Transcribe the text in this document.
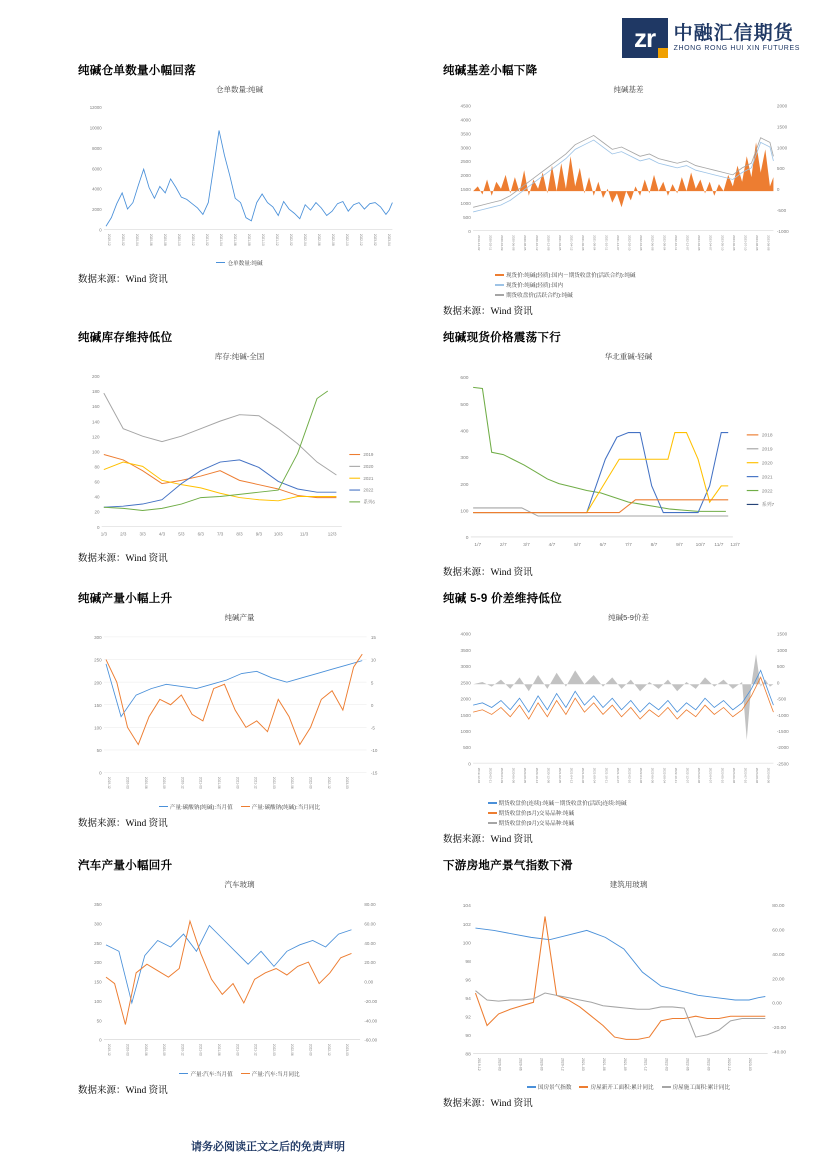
zr 中融汇信期货
ZHONG RONG HUI XIN FUTURES
纯碱仓单数量小幅回落
仓单数量:纯碱
12000
10000
8000
6000
4000
2000
0
2019-12	2020-02	2020-04	2020-06	2020-08	2020-10	2020-12	2021-02	2021-04	2021-06	2021-08	2021-10	2021-12	2022-02	2022-04	2022-06	2022-08	2022-10	2022-12	2023-02	2023-04
仓单数量:纯碱
数据来源：Wind 资讯
纯碱基差小幅下降
纯碱基差
4500
4000
3500
3000
2500
2000
1500
1000
500
0
2000
1500
1000
500
0
-500
-1000
2019-12-02	2020-02-11	2020-04-09	2020-06-08	2020-08-05	2020-10-12	2020-12-08	2021-02-05	2021-04-12	2021-06-08	2021-08-04	2021-10-11	2021-12-07	2022-02-10	2022-04-08	2022-06-08	2022-08-04	2022-10-11	2022-12-07	2023-02-08	2023-04-07	2023-05-10	2023-06-08	2023-07-10	2023-08-08	2023-09-08
现货价:纯碱(轻质):国内－期货收盘价(活跃合约):纯碱
现货价:纯碱(轻质):国内
期货收盘价(活跃合约):纯碱
数据来源：Wind 资讯
纯碱库存维持低位
库存:纯碱-全国
200
180
160
140
120
100
80
60
40
20
0
1/3	2/3	3/3	4/3	5/3	6/3	7/3	8/3	9/3	10/3	11/3	12/3
2019
2020
2021
2022
系列6
数据来源：Wind 资讯
纯碱现货价格震荡下行
华北重碱-轻碱
600
500
400
300
200
100
0
1/7	2/7	3/7	4/7	5/7	6/7	7/7	8/7	9/7	10/7 11/7 12/7
2018
2019
2020
2021
2022
系列7
数据来源：Wind 资讯
纯碱产量小幅上升
纯碱产量
300
250
200
150
100
50
0
15
10
5
0
-5
-10
-15
2019-12	2020-03	2020-06	2020-09	2020-12	2021-03	2021-06	2021-09	2021-12	2022-03	2022-06	2022-09	2022-12	2023-03
产量:碳酸钠(纯碱):当月值	产量:碳酸钠(纯碱):当月同比
数据来源：Wind 资讯
纯碱 5-9 价差维持低位
纯碱5-9价差
4000
3500
3000
2500
2000
1500
1000
500
0
1500
1000
500
0
-500
-1000
-1500
-2000
-2500
2019-12-02	2020-02-11	2020-04-09	2020-06-08	2020-08-05	2020-10-12	2020-12-08	2021-02-05	2021-04-12	2021-06-08	2021-08-04	2021-10-11	2021-12-07	2022-02-10	2022-04-08	2022-06-08	2022-08-04	2022-10-11	2022-12-07	2023-02-08	2023-04-07	2023-05-10	2023-06-08	2023-07-10	2023-08-08	2023-09-08
期货收盘价(连续):纯碱－期货收盘价(活跃)连续:纯碱
期货收盘价(5月)交易品种:纯碱
期货收盘价(9月)交易品种:纯碱
数据来源：Wind 资讯
汽车产量小幅回升
汽车玻璃
350
300
250
200
150
100
50
0
80.00
60.00
40.00
20.00
0.00
-20.00
-40.00
-60.00
2019-12	2020-03	2020-06	2020-09	2020-12	2021-03	2021-06	2021-09	2021-12	2022-03	2022-06	2022-09	2022-12	2023-03
产量:汽车:当月值	产量:汽车:当月同比
数据来源：Wind 资讯
下游房地产景气指数下滑
建筑用玻璃
104
102
100
98
96
94
92
90
88
80.00
60.00
40.00
20.00
0.00
-20.00
-40.00
2019-12	2020-03	2020-06	2020-09	2020-12	2021-03	2021-06	2021-09	2021-12	2022-03	2022-06	2022-09	2022-12	2023-03
国房景气指数	房屋新开工面积:累计同比	房屋施工面积:累计同比
数据来源：Wind 资讯
请务必阅读正文之后的免责声明
